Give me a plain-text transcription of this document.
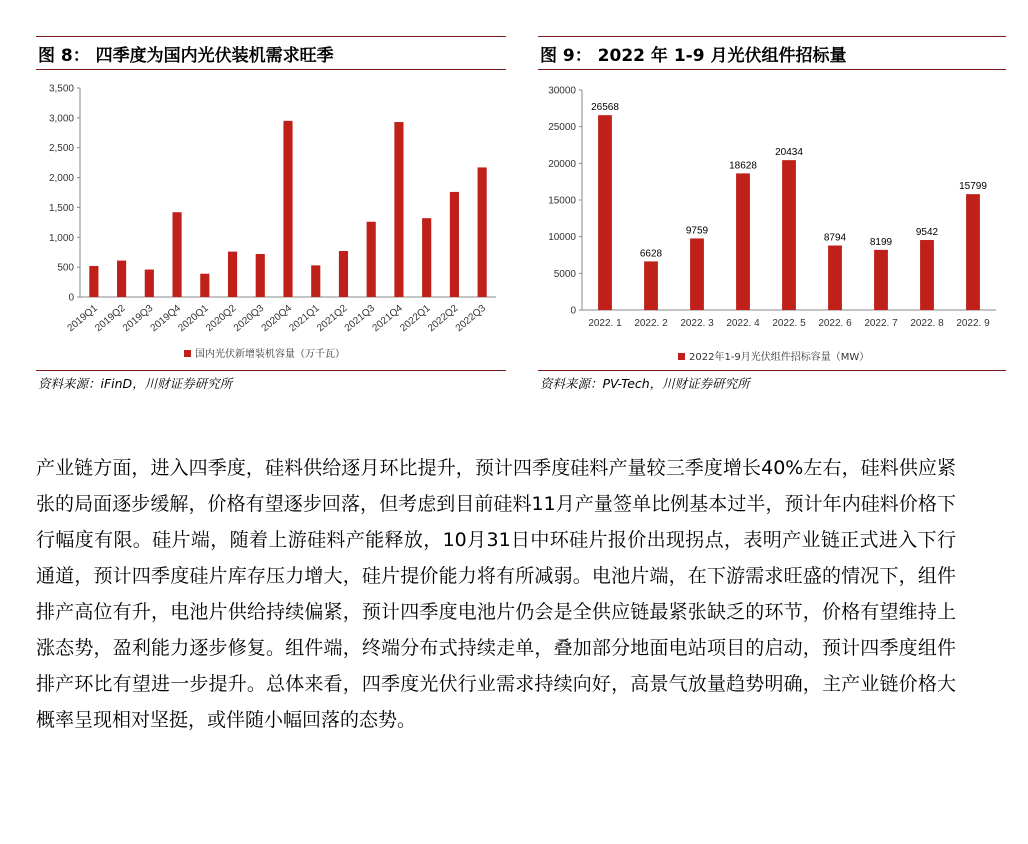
图 8： 四季度为国内光伏装机需求旺季
0
500
1,000
1,500
2,000
2,500
3,000
3,500
2019Q1
2019Q2
2019Q3
2019Q4
2020Q1
2020Q2
2020Q3
2020Q4
2021Q1
2021Q2
2021Q3
2021Q4
2022Q1
2022Q2
2022Q3
国内光伏新增装机容量（万千瓦）
资料来源：iFinD，川财证券研究所
图 9： 2022 年 1-9 月光伏组件招标量
0
5000
10000
15000
20000
25000
30000
26568
2022. 1
6628
2022. 2
9759
2022. 3
18628
2022. 4
20434
2022. 5
8794
2022. 6
8199
2022. 7
9542
2022. 8
15799
2022. 9
2022年1-9月光伏组件招标容量（MW）
资料来源：PV-Tech，川财证券研究所
产业链方面，进入四季度，硅料供给逐月环比提升，预计四季度硅料产量较三季度增长40%左右，硅料供应紧张的局面逐步缓解，价格有望逐步回落，但考虑到目前硅料11月产量签单比例基本过半，预计年内硅料价格下行幅度有限。硅片端，随着上游硅料产能释放，10月31日中环硅片报价出现拐点，表明产业链正式进入下行通道，预计四季度硅片库存压力增大，硅片提价能力将有所减弱。电池片端，在下游需求旺盛的情况下，组件排产高位有升，电池片供给持续偏紧，预计四季度电池片仍会是全供应链最紧张缺乏的环节，价格有望维持上涨态势，盈利能力逐步修复。组件端，终端分布式持续走单，叠加部分地面电站项目的启动，预计四季度组件排产环比有望进一步提升。总体来看，四季度光伏行业需求持续向好，高景气放量趋势明确，主产业链价格大概率呈现相对坚挺，或伴随小幅回落的态势。
